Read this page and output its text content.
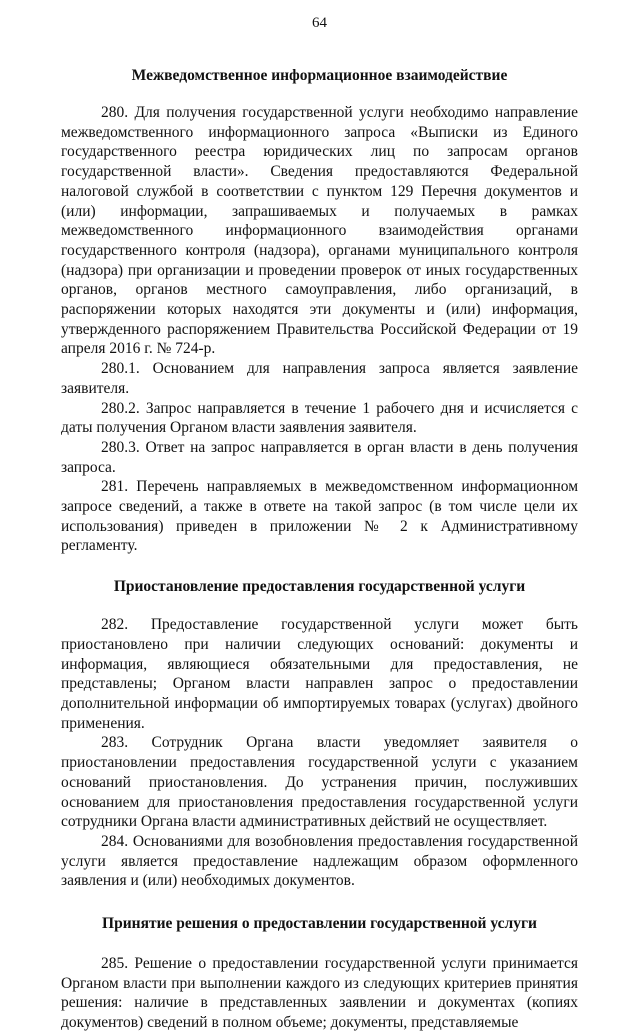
64
Межведомственное информационное взаимодействие

280. Для получения государственной услуги необходимо направление межведомственного информационного запроса «Выписки из Единого государственного реестра юридических лиц по запросам органов государственной власти». Сведения предоставляются Федеральной налоговой службой в соответствии с пунктом 129 Перечня документов и (или) информации, запрашиваемых и получаемых в рамках межведомственного информационного взаимодействия органами государственного контроля (надзора), органами муниципального контроля (надзора) при организации и проведении проверок от иных государственных органов, органов местного самоуправления, либо организаций, в распоряжении которых находятся эти документы и (или) информация, утвержденного распоряжением Правительства Российской Федерации от 19 апреля 2016 г. № 724-р.

280.1. Основанием для направления запроса является заявление заявителя.

280.2. Запрос направляется в течение 1 рабочего дня и исчисляется с даты получения Органом власти заявления заявителя.

280.3. Ответ на запрос направляется в орган власти в день получения запроса.

281. Перечень направляемых в межведомственном информационном запросе сведений, а также в ответе на такой запрос (в том числе цели их использования) приведен в приложении № 2 к Административному регламенту.

Приостановление предоставления государственной услуги

282. Предоставление государственной услуги может быть приостановлено при наличии следующих оснований: документы и информация, являющиеся обязательными для предоставления, не представлены; Органом власти направлен запрос о предоставлении дополнительной информации об импортируемых товарах (услугах) двойного применения.

283. Сотрудник Органа власти уведомляет заявителя о приостановлении предоставления государственной услуги с указанием оснований приостановления. До устранения причин, послуживших основанием для приостановления предоставления государственной услуги сотрудники Органа власти административных действий не осуществляет.

284. Основаниями для возобновления предоставления государственной услуги является предоставление надлежащим образом оформленного заявления и (или) необходимых документов.

Принятие решения о предоставлении государственной услуги

285. Решение о предоставлении государственной услуги принимается Органом власти при выполнении каждого из следующих критериев принятия решения: наличие в представленных заявлении и документах (копиях документов) сведений в полном объеме; документы, представляемые
